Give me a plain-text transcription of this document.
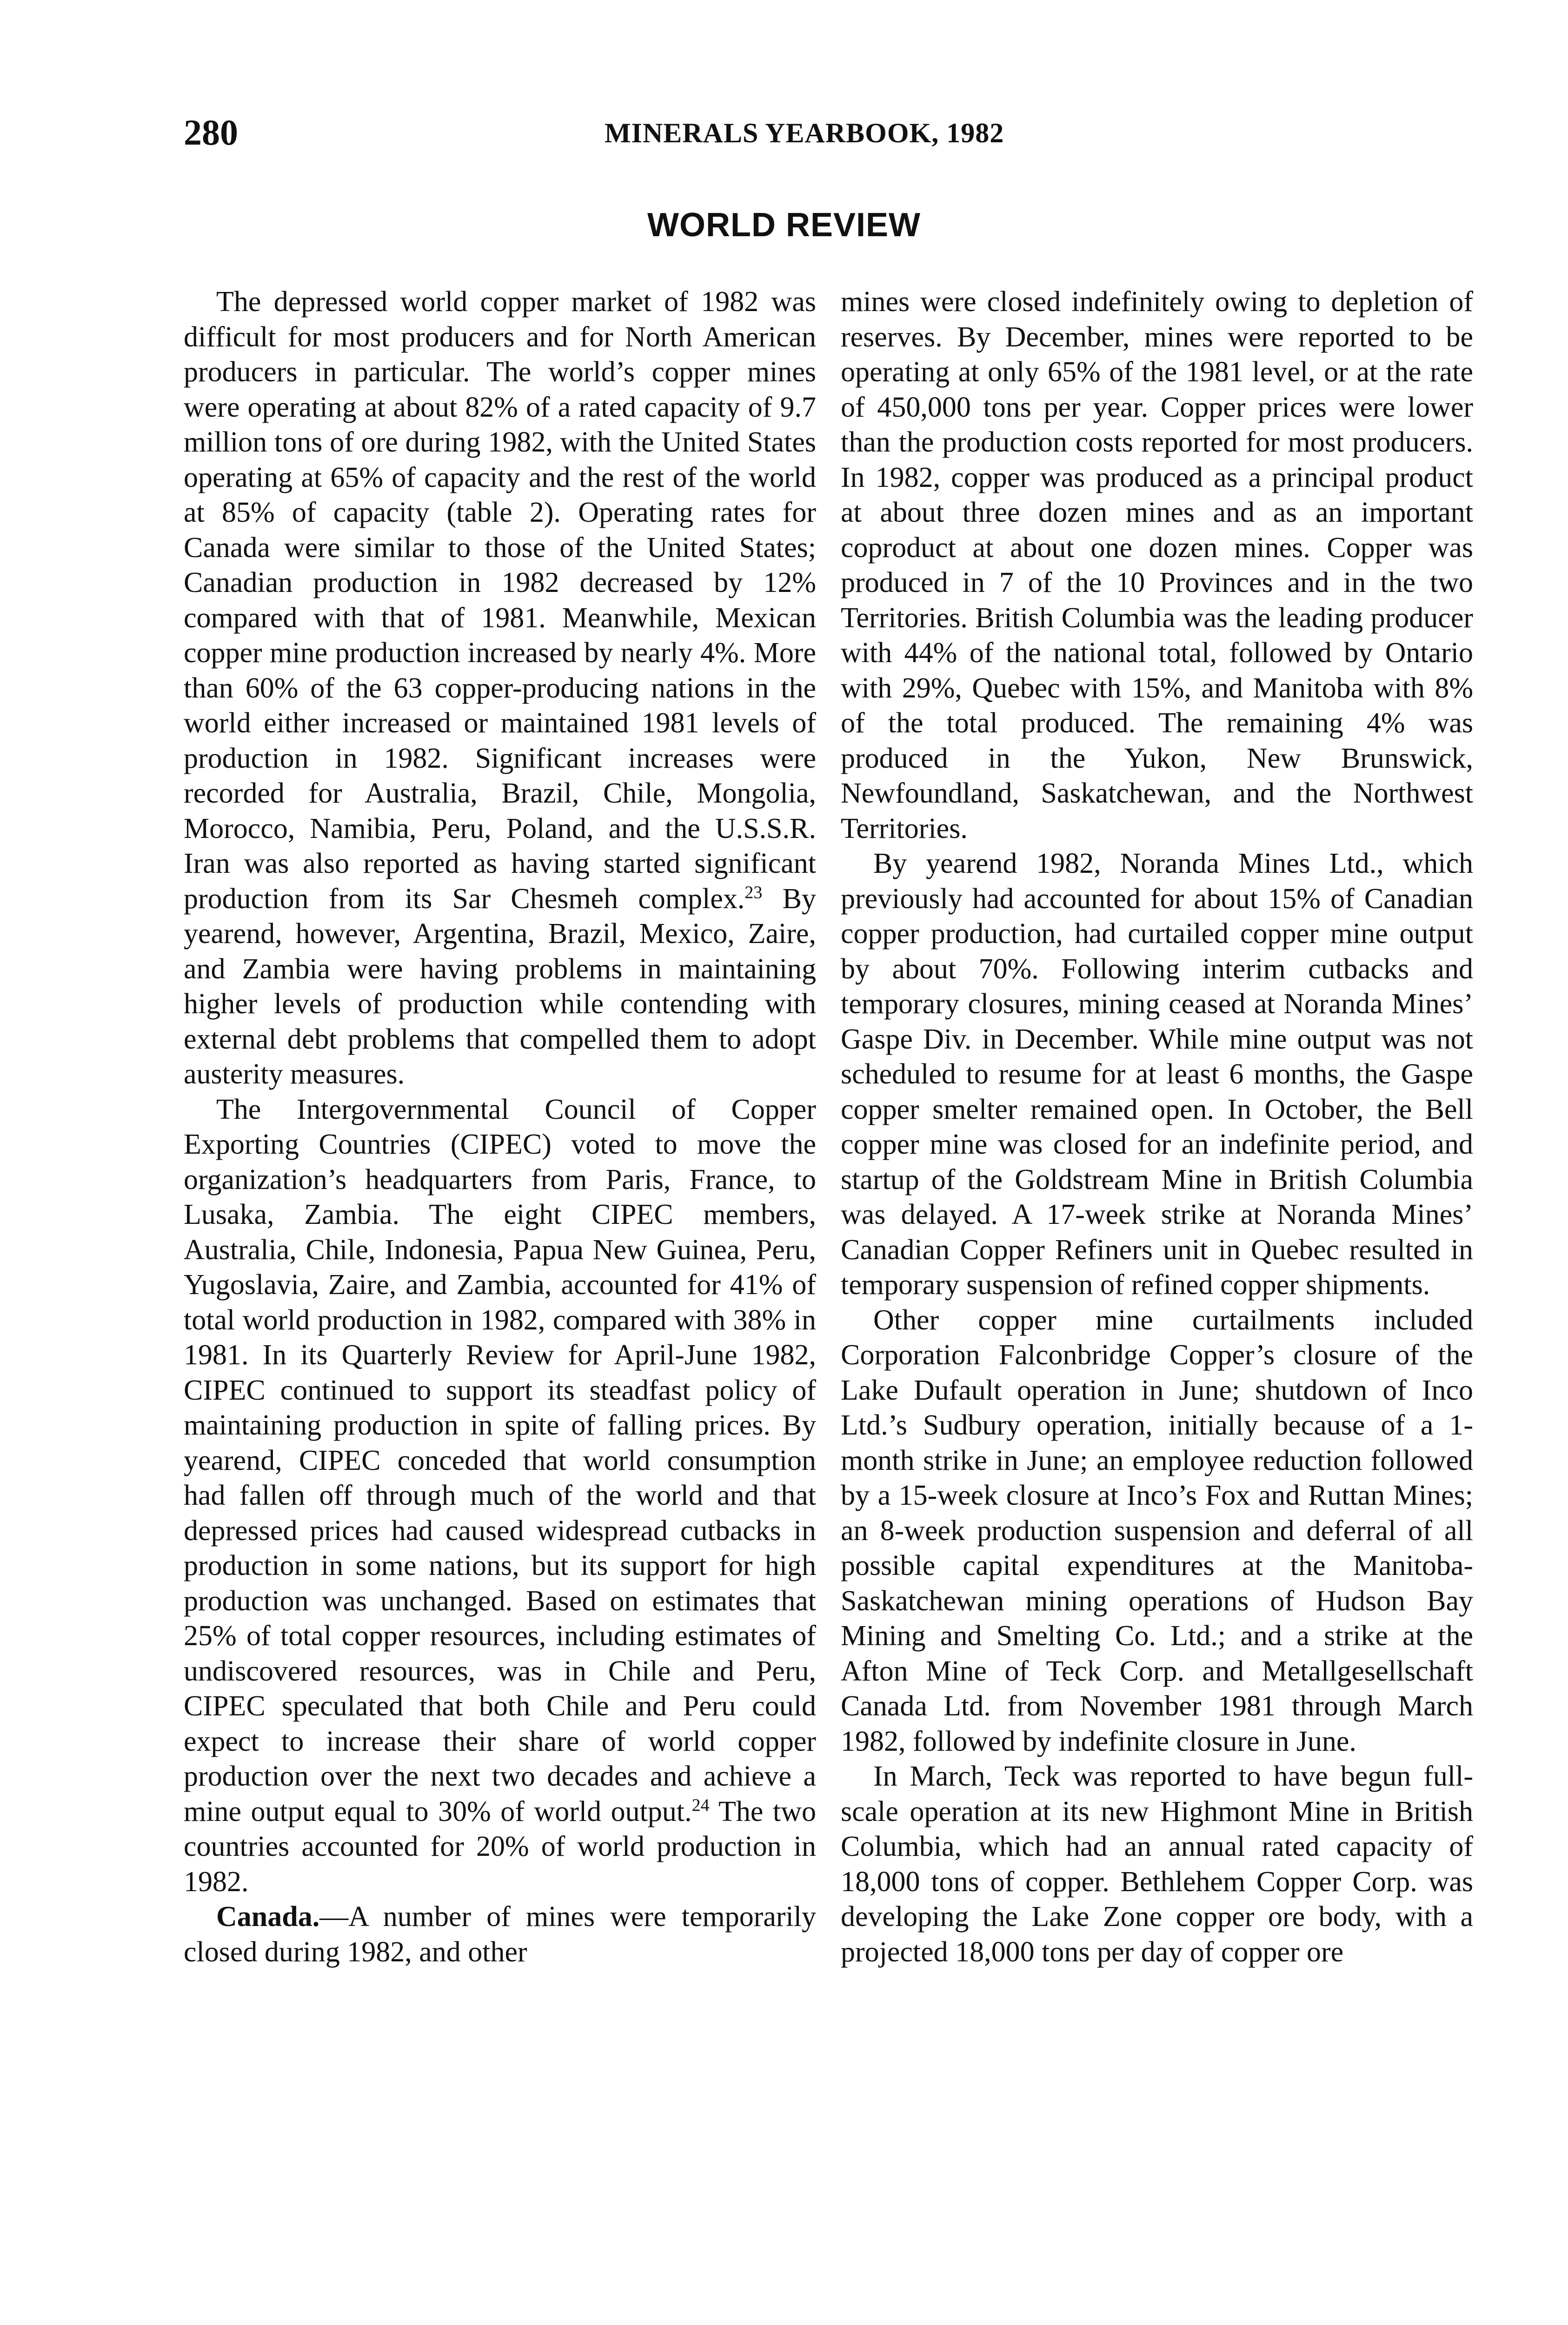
280	MINERALS YEARBOOK, 1982
WORLD REVIEW

The depressed world copper market of 1982 was difficult for most producers and for North American producers in particular. The world’s copper mines were operating at about 82% of a rated capacity of 9.7 million tons of ore during 1982, with the United States operating at 65% of capacity and the rest of the world at 85% of capacity (table 2). Operating rates for Canada were similar to those of the United States; Canadian production in 1982 decreased by 12% compared with that of 1981. Meanwhile, Mexican copper mine production increased by nearly 4%. More than 60% of the 63 copper-producing nations in the world either increased or maintained 1981 levels of production in 1982. Significant increases were recorded for Australia, Brazil, Chile, Mongolia, Morocco, Namibia, Peru, Poland, and the U.S.S.R. Iran was also reported as having started significant production from its Sar Chesmeh complex.$^{23}$ By yearend, however, Argentina, Brazil, Mexico, Zaire, and Zambia were having problems in maintaining higher levels of production while contending with external debt problems that compelled them to adopt austerity measures.

The Intergovernmental Council of Copper Exporting Countries (CIPEC) voted to move the organization’s headquarters from Paris, France, to Lusaka, Zambia. The eight CIPEC members, Australia, Chile, Indonesia, Papua New Guinea, Peru, Yugoslavia, Zaire, and Zambia, accounted for 41% of total world production in 1982, compared with 38% in 1981. In its Quarterly Review for April-June 1982, CIPEC continued to support its steadfast policy of maintaining production in spite of falling prices. By yearend, CIPEC conceded that world consumption had fallen off through much of the world and that depressed prices had caused widespread cutbacks in production in some nations, but its support for high production was unchanged. Based on estimates that 25% of total copper resources, including estimates of undiscovered resources, was in Chile and Peru, CIPEC speculated that both Chile and Peru could expect to increase their share of world copper production over the next two decades and achieve a mine output equal to 30% of world output.$^{24}$ The two countries accounted for 20% of world production in 1982.

Canada.—A number of mines were temporarily closed during 1982, and other

mines were closed indefinitely owing to depletion of reserves. By December, mines were reported to be operating at only 65% of the 1981 level, or at the rate of 450,000 tons per year. Copper prices were lower than the production costs reported for most producers. In 1982, copper was produced as a principal product at about three dozen mines and as an important coproduct at about one dozen mines. Copper was produced in 7 of the 10 Provinces and in the two Territories. British Columbia was the leading producer with 44% of the national total, followed by Ontario with 29%, Quebec with 15%, and Manitoba with 8% of the total produced. The remaining 4% was produced in the Yukon, New Brunswick, Newfoundland, Saskatchewan, and the Northwest Territories.

By yearend 1982, Noranda Mines Ltd., which previously had accounted for about 15% of Canadian copper production, had curtailed copper mine output by about 70%. Following interim cutbacks and temporary closures, mining ceased at Noranda Mines’ Gaspe Div. in December. While mine output was not scheduled to resume for at least 6 months, the Gaspe copper smelter remained open. In October, the Bell copper mine was closed for an indefinite period, and startup of the Goldstream Mine in British Columbia was delayed. A 17-week strike at Noranda Mines’ Canadian Copper Refiners unit in Quebec resulted in temporary suspension of refined copper shipments.

Other copper mine curtailments included Corporation Falconbridge Copper’s closure of the Lake Dufault operation in June; shutdown of Inco Ltd.’s Sudbury operation, initially because of a 1-month strike in June; an employee reduction followed by a 15-week closure at Inco’s Fox and Ruttan Mines; an 8-week production suspension and deferral of all possible capital expenditures at the Manitoba-Saskatchewan mining operations of Hudson Bay Mining and Smelting Co. Ltd.; and a strike at the Afton Mine of Teck Corp. and Metallgesellschaft Canada Ltd. from November 1981 through March 1982, followed by indefinite closure in June.

In March, Teck was reported to have begun full-scale operation at its new Highmont Mine in British Columbia, which had an annual rated capacity of 18,000 tons of copper. Bethlehem Copper Corp. was developing the Lake Zone copper ore body, with a projected 18,000 tons per day of copper ore
